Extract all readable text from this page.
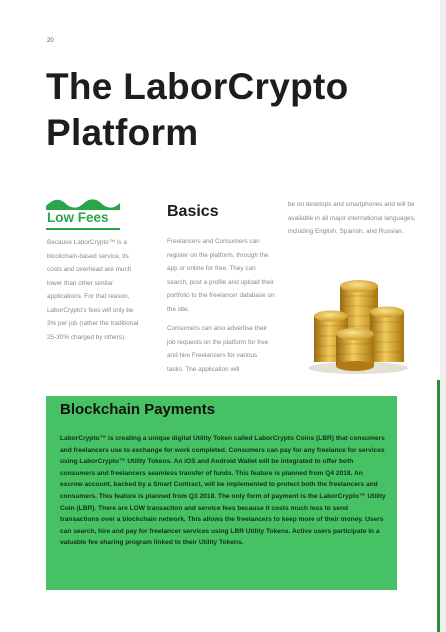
20
The LaborCrypto Platform
Low Fees
Because LaborCrypto™ is a blockchain-based service, its costs and overhead are much lower than other similar applications. For that reason, LaborCrypto's fees will only be 3% per job (rather the traditional 25-30% charged by others).
Basics
Freelancers and Consumers can register on the platform, through the app or online for free. They can search, post a profile and upload their portfolio to the freelancer database on the site.
Consumers can also advertise their job requests on the platform for free and hire Freelancers for various tasks. The application will
be on desktops and smartphones and will be available in all major international languages, including English, Spanish, and Russian.
Blockchain Payments
LaborCrypto™ is creating a unique digital Utility Token called LaborCrypto Coins (LBR) that consumers and freelancers use to exchange for work completed. Consumers can pay for any freelance for services using LaborCrypto™ Utility Tokens. An iOS and Android Wallet will be integrated to offer both consumers and freelancers seamless transfer of funds. This feature is planned from Q4 2018. An escrow account, backed by a Smart Contract, will be implemented to protect both the freelancers and consumers. This feature is planned from Q3 2018. The only form of payment is the LaborCrypto™ Utility Coin (LBR). There are LOW transaction and service fees because it costs much less to send transactions over a blockchain network. This allows the freelancers to keep more of their money. Users can search, hire and pay for freelancer services using LBR Utility Tokens. Active users participate in a valuable fee sharing program linked to their Utility Tokens.
